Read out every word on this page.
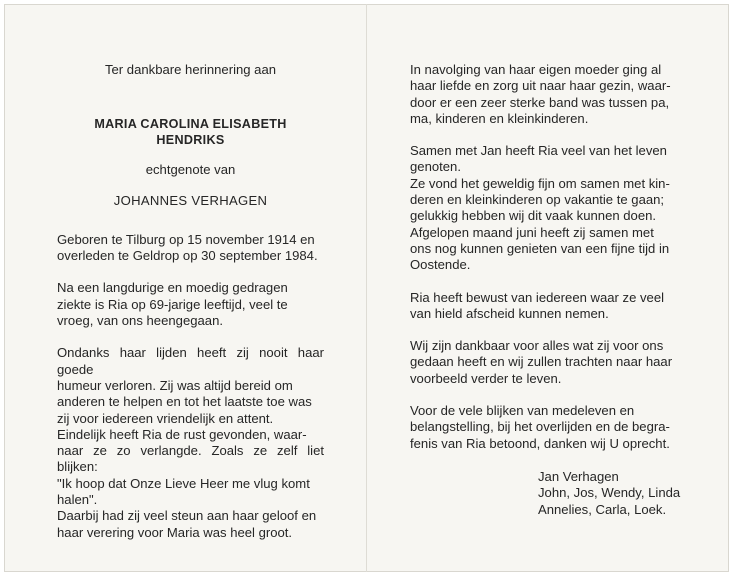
Ter dankbare herinnering aan
MARIA CAROLINA ELISABETH
HENDRIKS
echtgenote van
JOHANNES VERHAGEN
Geboren te Tilburg op 15 november 1914 en
overleden te Geldrop op 30 september 1984.
Na een langdurige en moedig gedragen
ziekte is Ria op 69-jarige leeftijd, veel te
vroeg, van ons heengegaan.
Ondanks haar lijden heeft zij nooit haar goede
humeur verloren. Zij was altijd bereid om
anderen te helpen en tot het laatste toe was
zij voor iedereen vriendelijk en attent.
Eindelijk heeft Ria de rust gevonden, waar-
naar ze zo verlangde. Zoals ze zelf liet blijken:
"Ik hoop dat Onze Lieve Heer me vlug komt
halen".
Daarbij had zij veel steun aan haar geloof en
haar verering voor Maria was heel groot.
In navolging van haar eigen moeder ging al
haar liefde en zorg uit naar haar gezin, waar-
door er een zeer sterke band was tussen pa,
ma, kinderen en kleinkinderen.
Samen met Jan heeft Ria veel van het leven
genoten.
Ze vond het geweldig fijn om samen met kin-
deren en kleinkinderen op vakantie te gaan;
gelukkig hebben wij dit vaak kunnen doen.
Afgelopen maand juni heeft zij samen met
ons nog kunnen genieten van een fijne tijd in
Oostende.
Ria heeft bewust van iedereen waar ze veel
van hield afscheid kunnen nemen.
Wij zijn dankbaar voor alles wat zij voor ons
gedaan heeft en wij zullen trachten naar haar
voorbeeld verder te leven.
Voor de vele blijken van medeleven en
belangstelling, bij het overlijden en de begra-
fenis van Ria betoond, danken wij U oprecht.
Jan Verhagen
John, Jos, Wendy, Linda
Annelies, Carla, Loek.
